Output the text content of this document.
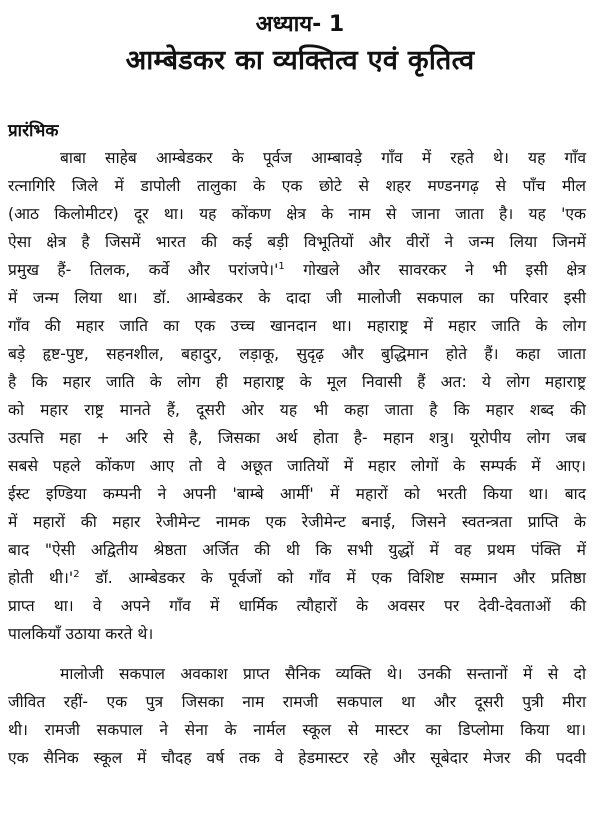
अध्याय- 1
आम्बेडकर का व्यक्तित्व एवं कृतित्व
प्रारंभिक
बाबा साहेब आम्बेडकर के पूर्वज आम्बावड़े गाँव में रहते थे। यह गाँव
रत्नागिरि जिले में डापोली तालुका के एक छोटे से शहर मण्डनगढ़ से पाँच मील
(आठ किलोमीटर) दूर था। यह कोंकण क्षेत्र के नाम से जाना जाता है। यह 'एक
ऐसा क्षेत्र है जिसमें भारत की कई बड़ी विभूतियों और वीरों ने जन्म लिया जिनमें
प्रमुख हैं- तिलक, कर्वे और परांजपे।'$^1$ गोखले और सावरकर ने भी इसी क्षेत्र
में जन्म लिया था। डॉ. आम्बेडकर के दादा जी मालोजी सकपाल का परिवार इसी
गाँव की महार जाति का एक उच्च खानदान था। महाराष्ट्र में महार जाति के लोग
बड़े हृष्ट-पुष्ट, सहनशील, बहादुर, लड़ाकू, सुदृढ़ और बुद्धिमान होते हैं। कहा जाता
है कि महार जाति के लोग ही महाराष्ट्र के मूल निवासी हैं अत: ये लोग महाराष्ट्र
को महार राष्ट्र मानते हैं, दूसरी ओर यह भी कहा जाता है कि महार शब्द की
उत्पत्ति महा + अरि से है, जिसका अर्थ होता है- महान शत्रु। यूरोपीय लोग जब
सबसे पहले कोंकण आए तो वे अछूत जातियों में महार लोगों के सम्पर्क में आए।
ईस्ट इण्डिया कम्पनी ने अपनी 'बाम्बे आर्मी' में महारों को भरती किया था। बाद
में महारों की महार रेजीमेन्ट नामक एक रेजीमेन्ट बनाई, जिसने स्वतन्त्रता प्राप्ति के
बाद "ऐसी अद्वितीय श्रेष्ठता अर्जित की थी कि सभी युद्धों में वह प्रथम पंक्ति में
होती थी।'$^2$ डॉ. आम्बेडकर के पूर्वजों को गाँव में एक विशिष्ट सम्मान और प्रतिष्ठा
प्राप्त था। वे अपने गाँव में धार्मिक त्यौहारों के अवसर पर देवी-देवताओं की
पालकियाँ उठाया करते थे।
मालोजी सकपाल अवकाश प्राप्त सैनिक व्यक्ति थे। उनकी सन्तानों में से दो
जीवित रहीं- एक पुत्र जिसका नाम रामजी सकपाल था और दूसरी पुत्री मीरा
थी। रामजी सकपाल ने सेना के नार्मल स्कूल से मास्टर का डिप्लोमा किया था।
एक सैनिक स्कूल में चौदह वर्ष तक वे हेडमास्टर रहे और सूबेदार मेजर की पदवी
